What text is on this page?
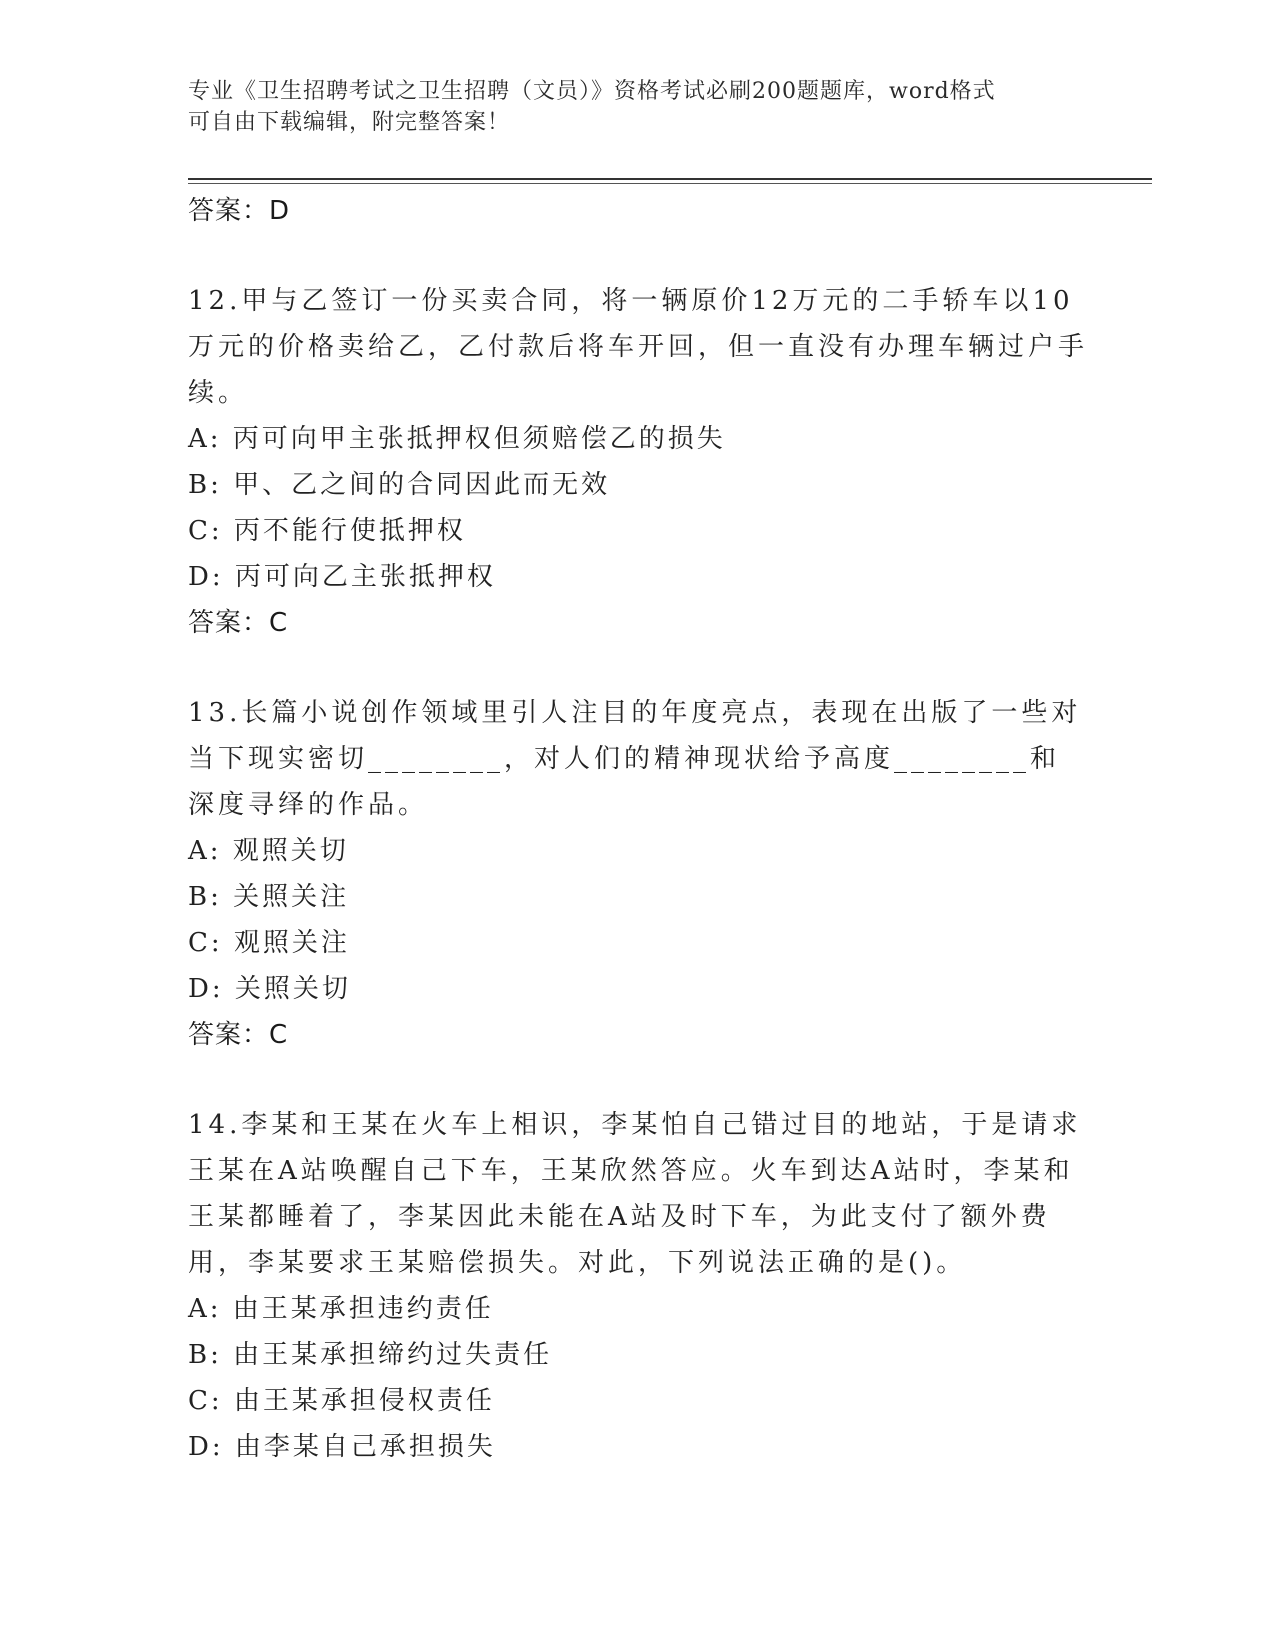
专业《卫生招聘考试之卫生招聘（文员）》资格考试必刷200题题库，word格式
可自由下载编辑，附完整答案！
答案：D
12.甲与乙签订一份买卖合同，将一辆原价12万元的二手轿车以10万元的价格卖给乙，乙付款后将车开回，但一直没有办理车辆过户手续。
A: 丙可向甲主张抵押权但须赔偿乙的损失
B: 甲、乙之间的合同因此而无效
C: 丙不能行使抵押权
D: 丙可向乙主张抵押权
答案：C
13.长篇小说创作领域里引人注目的年度亮点，表现在出版了一些对当下现实密切________，对人们的精神现状给予高度________和深度寻绎的作品。
A: 观照关切
B: 关照关注
C: 观照关注
D: 关照关切
答案：C
14.李某和王某在火车上相识，李某怕自己错过目的地站，于是请求王某在A站唤醒自己下车，王某欣然答应。火车到达A站时，李某和王某都睡着了，李某因此未能在A站及时下车，为此支付了额外费用，李某要求王某赔偿损失。对此，下列说法正确的是()。
A: 由王某承担违约责任
B: 由王某承担缔约过失责任
C: 由王某承担侵权责任
D: 由李某自己承担损失
